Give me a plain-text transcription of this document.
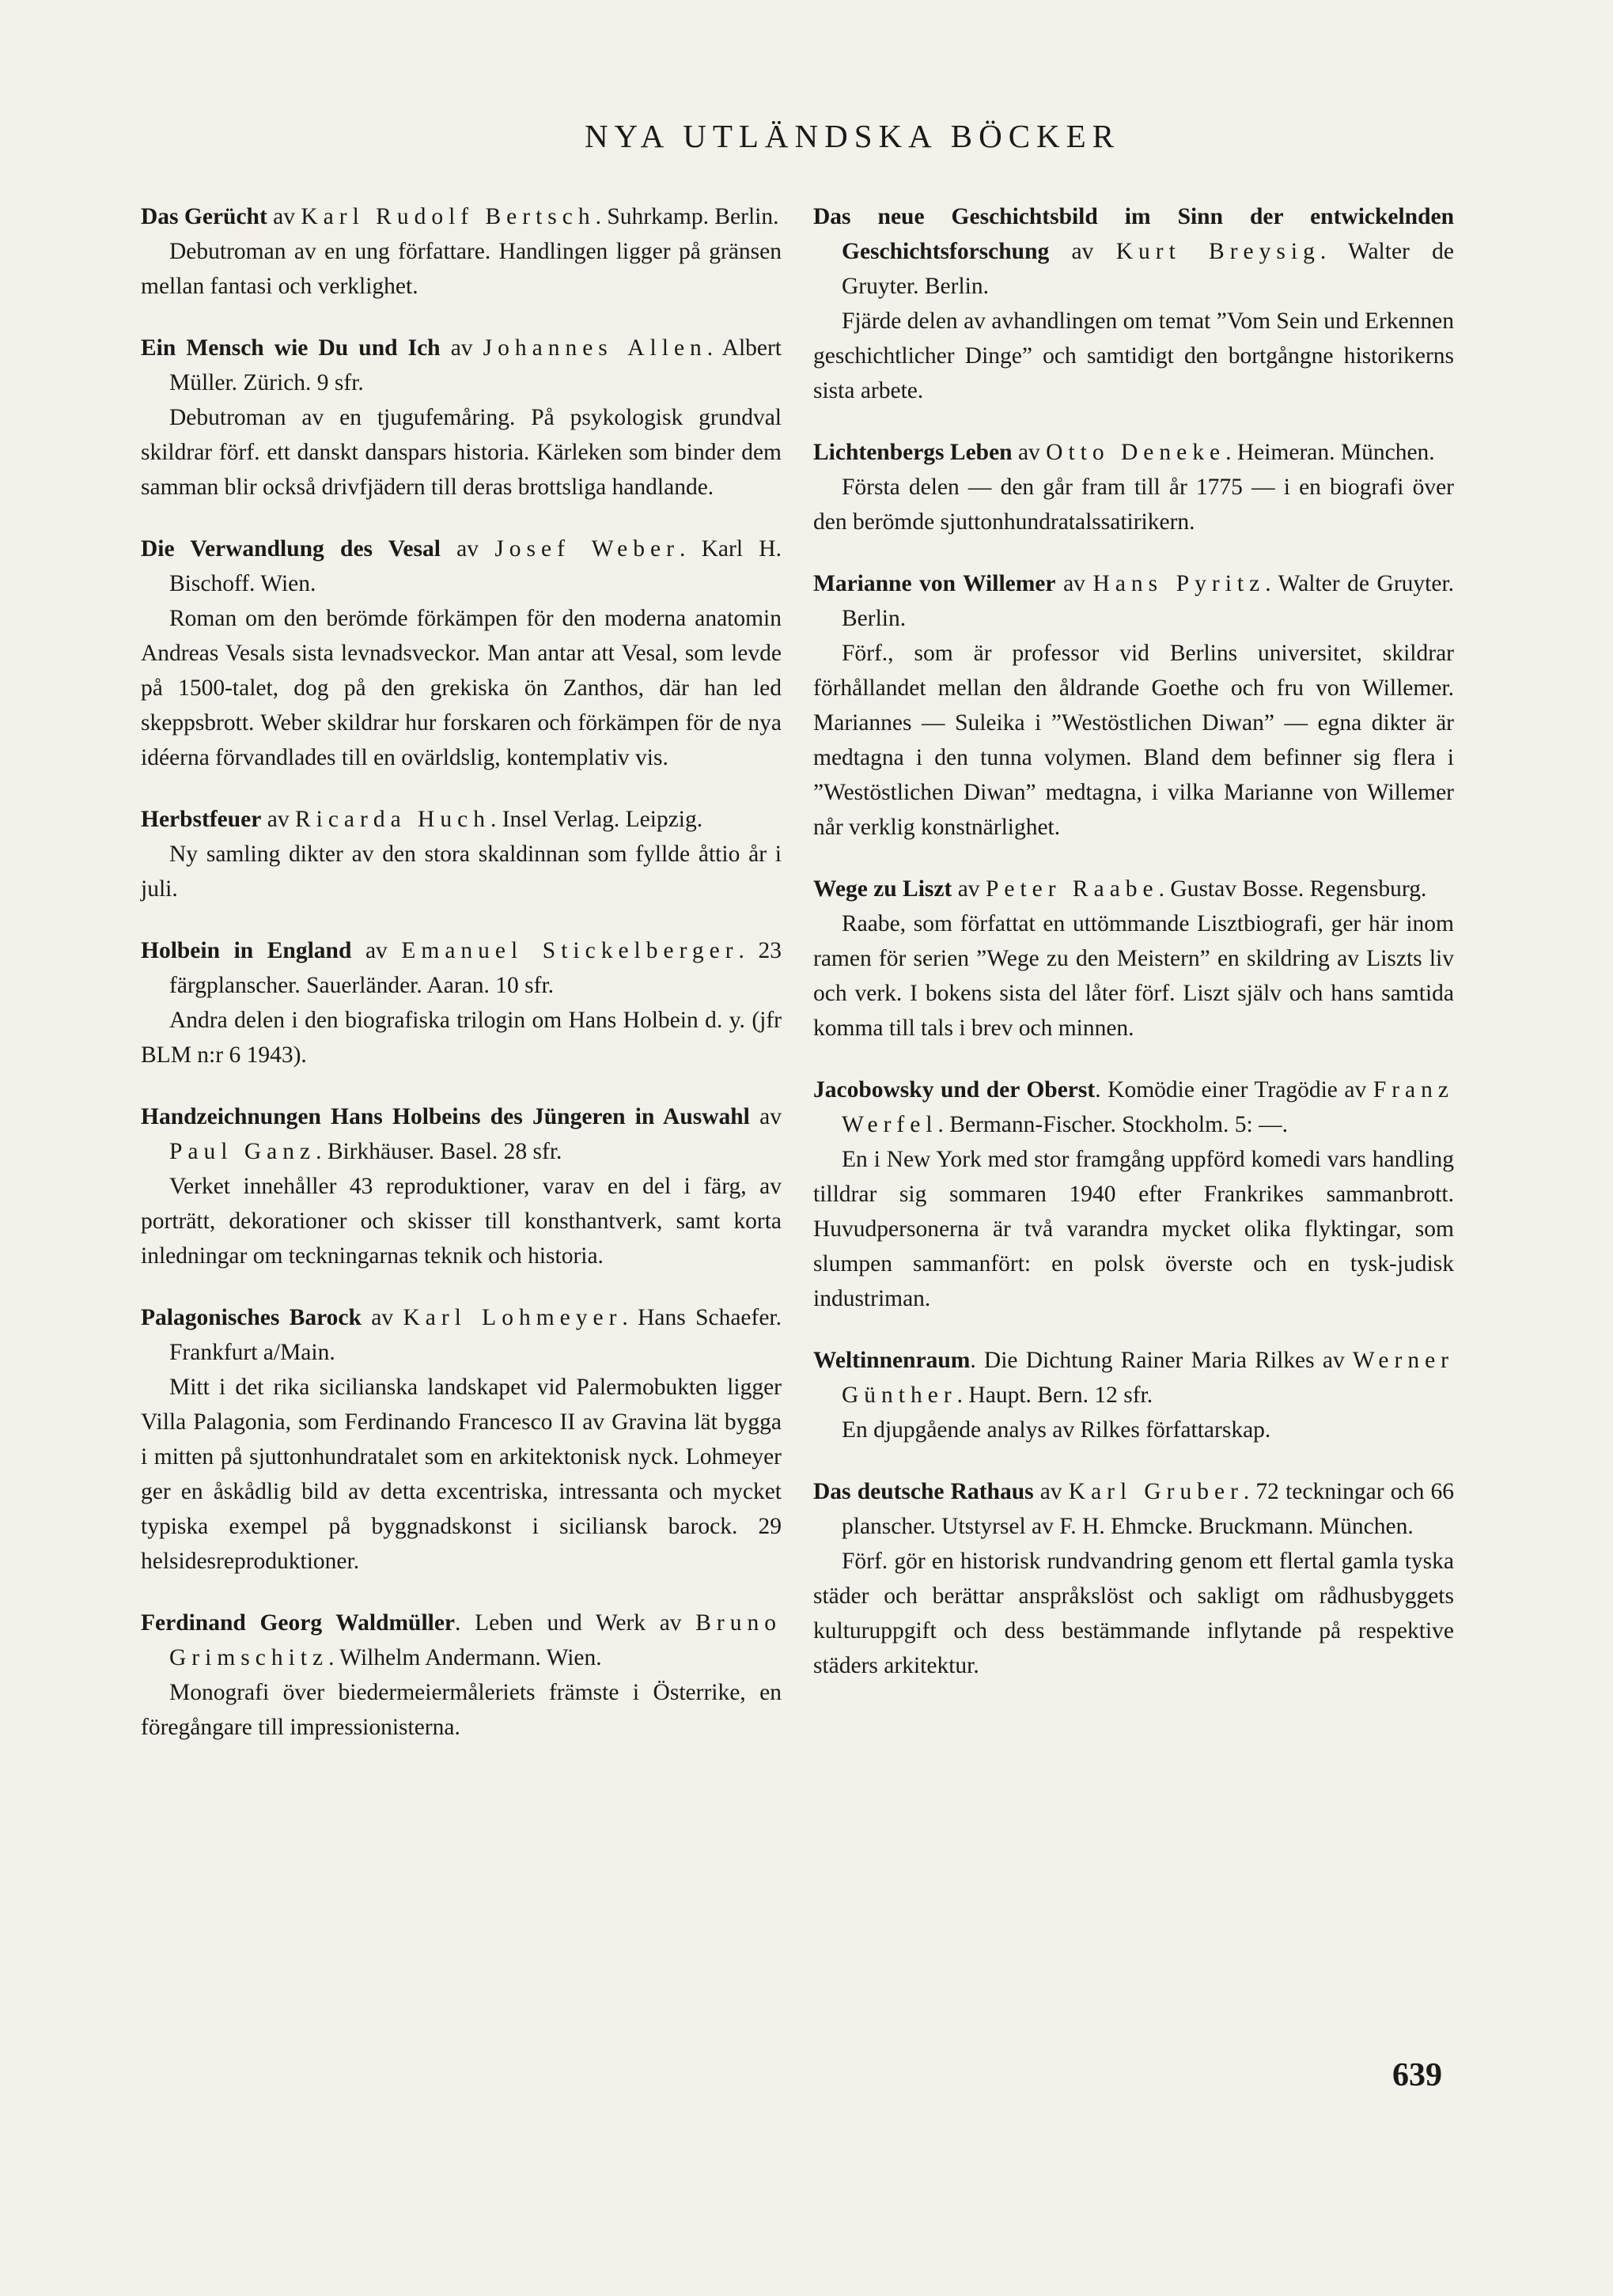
NYA UTLÄNDSKA BÖCKER

Das Gerücht av Karl Rudolf Bertsch. Suhrkamp. Berlin.

Debutroman av en ung författare. Handlingen ligger på gränsen mellan fantasi och verklighet.

Ein Mensch wie Du und Ich av Johannes Allen. Albert Müller. Zürich. 9 sfr.

Debutroman av en tjugufemåring. På psykologisk grundval skildrar förf. ett danskt danspars historia. Kärleken som binder dem samman blir också drivfjädern till deras brottsliga handlande.

Die Verwandlung des Vesal av Josef Weber. Karl H. Bischoff. Wien.

Roman om den berömde förkämpen för den moderna anatomin Andreas Vesals sista levnadsveckor. Man antar att Vesal, som levde på 1500-talet, dog på den grekiska ön Zanthos, där han led skeppsbrott. Weber skildrar hur forskaren och förkämpen för de nya idéerna förvandlades till en ovärldslig, kontemplativ vis.

Herbstfeuer av Ricarda Huch. Insel Verlag. Leipzig.

Ny samling dikter av den stora skaldinnan som fyllde åttio år i juli.

Holbein in England av Emanuel Stickelberger. 23 färgplanscher. Sauerländer. Aaran. 10 sfr.

Andra delen i den biografiska trilogin om Hans Holbein d. y. (jfr BLM n:r 6 1943).

Handzeichnungen Hans Holbeins des Jüngeren in Auswahl av Paul Ganz. Birkhäuser. Basel. 28 sfr.

Verket innehåller 43 reproduktioner, varav en del i färg, av porträtt, dekorationer och skisser till konsthantverk, samt korta inledningar om teckningarnas teknik och historia.

Palagonisches Barock av Karl Lohmeyer. Hans Schaefer. Frankfurt a/Main.

Mitt i det rika sicilianska landskapet vid Palermobukten ligger Villa Palagonia, som Ferdinando Francesco II av Gravina lät bygga i mitten på sjuttonhundratalet som en arkitektonisk nyck. Lohmeyer ger en åskådlig bild av detta excentriska, intressanta och mycket typiska exempel på byggnadskonst i siciliansk barock. 29 helsidesreproduktioner.

Ferdinand Georg Waldmüller. Leben und Werk av Bruno Grimschitz. Wilhelm Andermann. Wien.

Monografi över biedermeiermåleriets främste i Österrike, en föregångare till impressionisterna.

Das neue Geschichtsbild im Sinn der entwickelnden Geschichtsforschung av Kurt Breysig. Walter de Gruyter. Berlin.

Fjärde delen av avhandlingen om temat ”Vom Sein und Erkennen geschichtlicher Dinge” och samtidigt den bortgångne historikerns sista arbete.

Lichtenbergs Leben av Otto Deneke. Heimeran. München.

Första delen — den går fram till år 1775 — i en biografi över den berömde sjuttonhundratalssatirikern.

Marianne von Willemer av Hans Pyritz. Walter de Gruyter. Berlin.

Förf., som är professor vid Berlins universitet, skildrar förhållandet mellan den åldrande Goethe och fru von Willemer. Mariannes — Suleika i ”Westöstlichen Diwan” — egna dikter är medtagna i den tunna volymen. Bland dem befinner sig flera i ”Westöstlichen Diwan” medtagna, i vilka Marianne von Willemer når verklig konstnärlighet.

Wege zu Liszt av Peter Raabe. Gustav Bosse. Regensburg.

Raabe, som författat en uttömmande Lisztbiografi, ger här inom ramen för serien ”Wege zu den Meistern” en skildring av Liszts liv och verk. I bokens sista del låter förf. Liszt själv och hans samtida komma till tals i brev och minnen.

Jacobowsky und der Oberst. Komödie einer Tragödie av Franz Werfel. Bermann-Fischer. Stockholm. 5: —.

En i New York med stor framgång uppförd komedi vars handling tilldrar sig sommaren 1940 efter Frankrikes sammanbrott. Huvudpersonerna är två varandra mycket olika flyktingar, som slumpen sammanfört: en polsk överste och en tysk-judisk industriman.

Weltinnenraum. Die Dichtung Rainer Maria Rilkes av Werner Günther. Haupt. Bern. 12 sfr.

En djupgående analys av Rilkes författarskap.

Das deutsche Rathaus av Karl Gruber. 72 teckningar och 66 planscher. Utstyrsel av F. H. Ehmcke. Bruckmann. München.

Förf. gör en historisk rundvandring genom ett flertal gamla tyska städer och berättar anspråkslöst och sakligt om rådhusbyggets kulturuppgift och dess bestämmande inflytande på respektive städers arkitektur.

639
